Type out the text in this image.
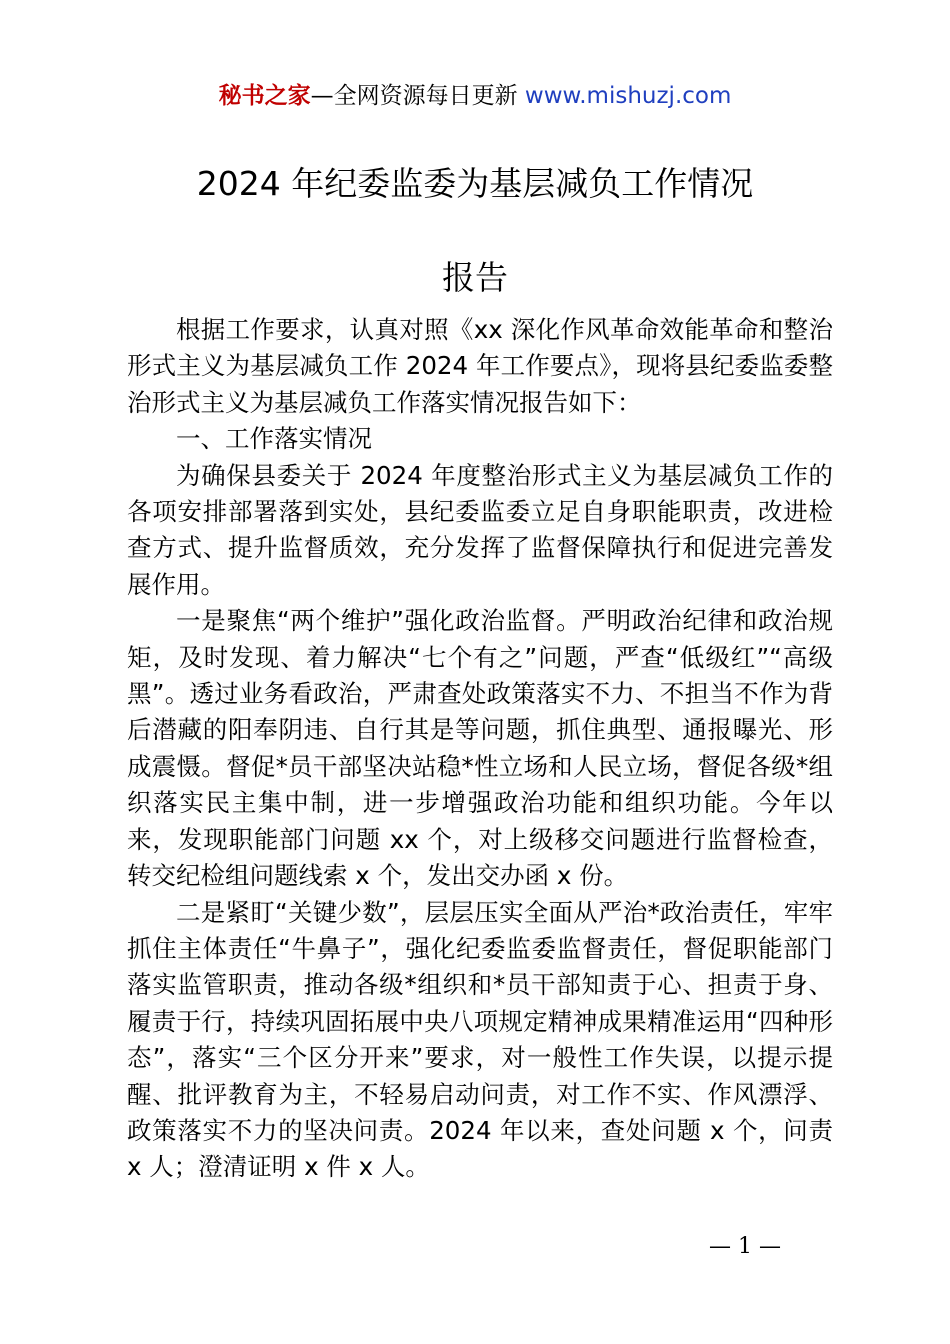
秘书之家—全网资源每日更新 www.mishuzj.com
2024 年纪委监委为基层减负工作情况
报告

根据工作要求，认真对照《xx 深化作风革命效能革命和整治形式主义为基层减负工作 2024 年工作要点》，现将县纪委监委整治形式主义为基层减负工作落实情况报告如下：

一、工作落实情况

为确保县委关于 2024 年度整治形式主义为基层减负工作的各项安排部署落到实处，县纪委监委立足自身职能职责，改进检查方式、提升监督质效，充分发挥了监督保障执行和促进完善发展作用。

一是聚焦“两个维护”强化政治监督。严明政治纪律和政治规矩，及时发现、着力解决“七个有之”问题，严查“低级红”“高级黑”。透过业务看政治，严肃查处政策落实不力、不担当不作为背后潜藏的阳奉阴违、自行其是等问题，抓住典型、通报曝光、形成震慑。督促*员干部坚决站稳*性立场和人民立场，督促各级*组织落实民主集中制，进一步增强政治功能和组织功能。今年以来，发现职能部门问题 xx 个，对上级移交问题进行监督检查，转交纪检组问题线索 x 个，发出交办函 x 份。

二是紧盯“关键少数”，层层压实全面从严治*政治责任，牢牢抓住主体责任“牛鼻子”，强化纪委监委监督责任，督促职能部门落实监管职责，推动各级*组织和*员干部知责于心、担责于身、履责于行，持续巩固拓展中央八项规定精神成果精准运用“四种形态”，落实“三个区分开来”要求，对一般性工作失误，以提示提醒、批评教育为主，不轻易启动问责，对工作不实、作风漂浮、政策落实不力的坚决问责。2024 年以来，查处问题 x 个，问责 x 人；澄清证明 x 件 x 人。

— 1 —
